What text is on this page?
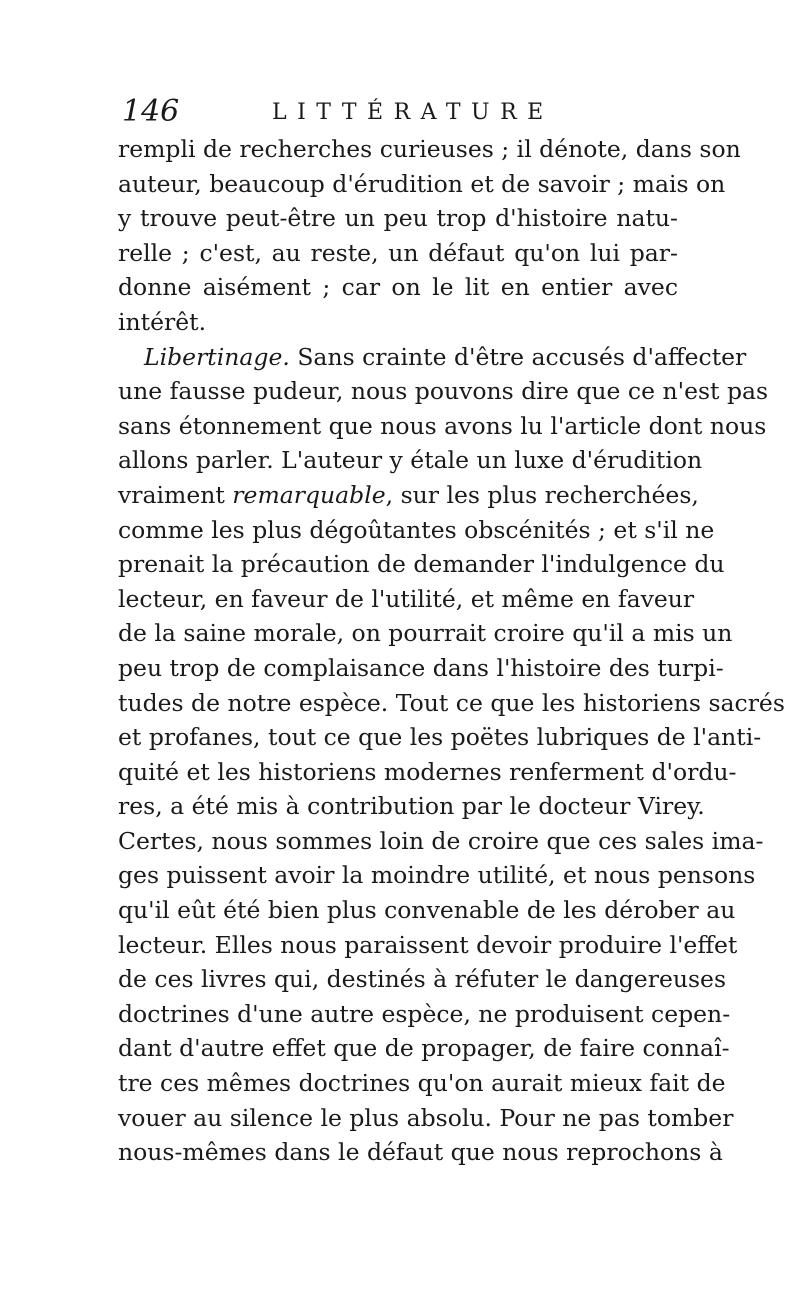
146	LITTÉRATURE
rempli de recherches curieuses ; il dénote, dans son
auteur, beaucoup d'érudition et de savoir ; mais on
y trouve peut-être un peu trop d'histoire natu-
relle ; c'est, au reste, un défaut qu'on lui par-
donne aisément ; car on le lit en entier avec
intérêt.
Libertinage. Sans crainte d'être accusés d'affecter
une fausse pudeur, nous pouvons dire que ce n'est pas
sans étonnement que nous avons lu l'article dont nous
allons parler. L'auteur y étale un luxe d'érudition
vraiment remarquable, sur les plus recherchées,
comme les plus dégoûtantes obscénités ; et s'il ne
prenait la précaution de demander l'indulgence du
lecteur, en faveur de l'utilité, et même en faveur
de la saine morale, on pourrait croire qu'il a mis un
peu trop de complaisance dans l'histoire des turpi-
tudes de notre espèce. Tout ce que les historiens sacrés
et profanes, tout ce que les poëtes lubriques de l'anti-
quité et les historiens modernes renferment d'ordu-
res, a été mis à contribution par le docteur Virey.
Certes, nous sommes loin de croire que ces sales ima-
ges puissent avoir la moindre utilité, et nous pensons
qu'il eût été bien plus convenable de les dérober au
lecteur. Elles nous paraissent devoir produire l'effet
de ces livres qui, destinés à réfuter le dangereuses
doctrines d'une autre espèce, ne produisent cepen-
dant d'autre effet que de propager, de faire connaî-
tre ces mêmes doctrines qu'on aurait mieux fait de
vouer au silence le plus absolu. Pour ne pas tomber
nous-mêmes dans le défaut que nous reprochons à
